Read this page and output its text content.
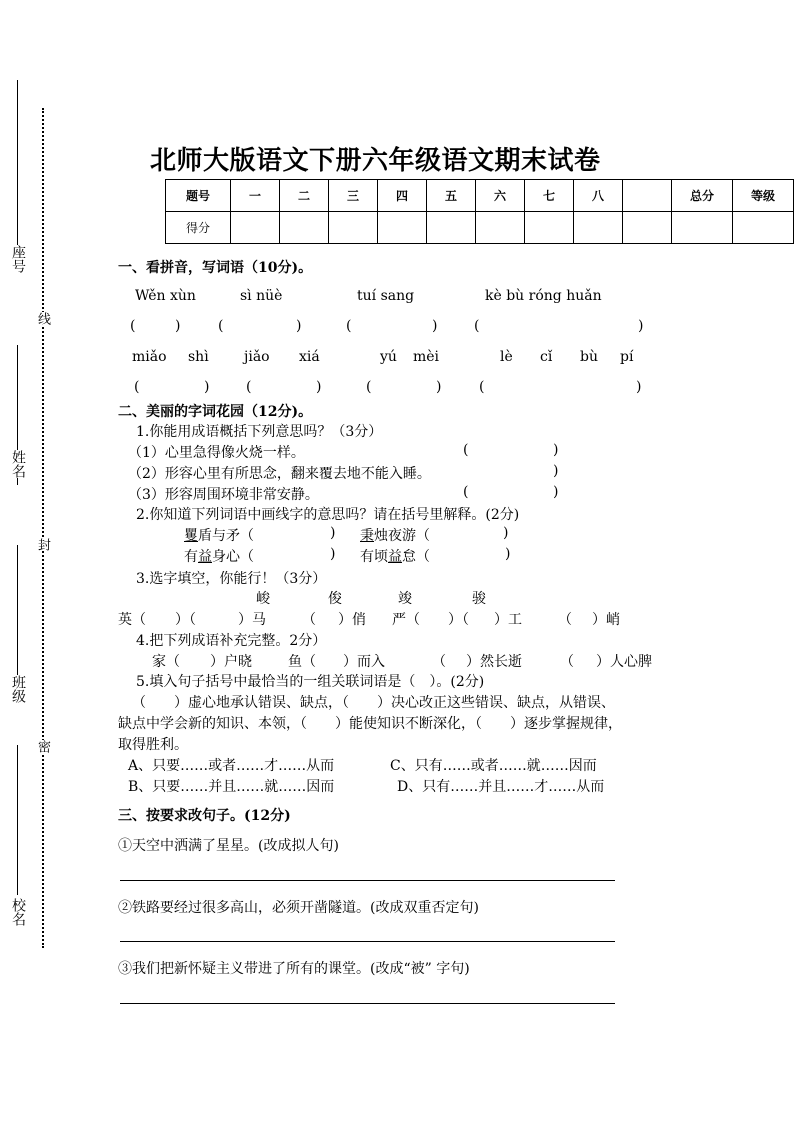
座号
姓名
班级
校名
线
封
密
北师大版语文下册六年级语文期末试卷
题号	一	二	三	四	五	六	七	八		总分	等级
得分											
一、看拼音，写词语（10分)。
Wěn xùn	sì nüè	tuí sang	kè bù róng huǎn
(	)	(	)	(	)	(	)
miǎo shì	jiǎo xiá	yú mèi	lè cǐ bù pí
(	)	(	)	(	)	(	)
二、美丽的字词花园（12分)。
1.你能用成语概括下列意思吗？（3分）
（1）心里急得像火烧一样。	(	)
（2）形容心里有所思念，翻来覆去地不能入睡。	)
（3）形容周围环境非常安静。	(	)
2.你知道下列词语中画线字的意思吗？请在括号里解释。(2分)
矍盾与矛（	) 秉烛夜游（	)
有益身心（	) 有顷益怠（	)
3.选字填空，你能行！（3分）
峻	俊	竣	骏
英（ ）（	）马	（ ）俏 严（ ）（ ）工	（ ）峭
4.把下列成语补充完整。2分）
家（ ）户晓	鱼（ ）而入	（ ）然长逝	（ ）人心脾
5.填入句子括号中最恰当的一组关联词语是（　）。(2分)
（　　）虚心地承认错误、缺点，（　　）决心改正这些错误、缺点，从错误、
缺点中学会新的知识、本领，（　　）能使知识不断深化，（　　）逐步掌握规律，
取得胜利。
A、只要……或者……才……从而	C、只有……或者……就……因而
B、只要……并且……就……因而	D、只有……并且……才……从而
三、按要求改句子。(12分)
①天空中洒满了星星。(改成拟人句)
②铁路要经过很多高山，必须开凿隧道。(改成双重否定句)
③我们把新怀疑主义带进了所有的课堂。(改成“被” 字句)
